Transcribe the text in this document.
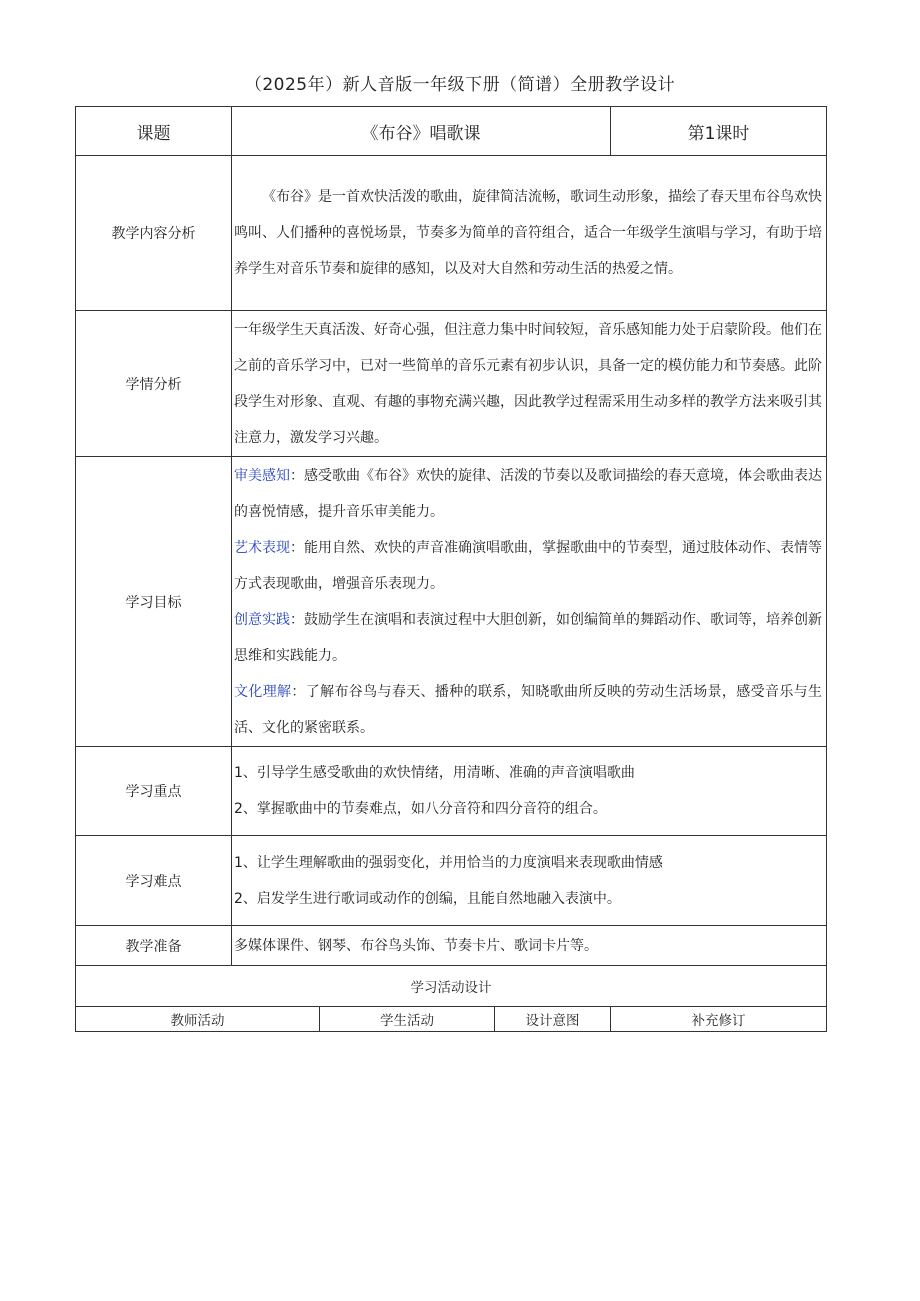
（2025年）新人音版一年级下册（简谱）全册教学设计
课题	《布谷》唱歌课			第1课时
教学内容分析	《布谷》是一首欢快活泼的歌曲，旋律简洁流畅，歌词生动形象，描绘了春天里布谷鸟欢快鸣叫、人们播种的喜悦场景，节奏多为简单的音符组合，适合一年级学生演唱与学习，有助于培养学生对音乐节奏和旋律的感知，以及对大自然和劳动生活的热爱之情。			
学情分析	一年级学生天真活泼、好奇心强，但注意力集中时间较短，音乐感知能力处于启蒙阶段。他们在之前的音乐学习中，已对一些简单的音乐元素有初步认识，具备一定的模仿能力和节奏感。此阶段学生对形象、直观、有趣的事物充满兴趣，因此教学过程需采用生动多样的教学方法来吸引其注意力，激发学习兴趣。			
学习目标	审美感知：感受歌曲《布谷》欢快的旋律、活泼的节奏以及歌词描绘的春天意境，体会歌曲表达的喜悦情感，提升音乐审美能力。
艺术表现：能用自然、欢快的声音准确演唱歌曲，掌握歌曲中的节奏型，通过肢体动作、表情等方式表现歌曲，增强音乐表现力。
创意实践：鼓励学生在演唱和表演过程中大胆创新，如创编简单的舞蹈动作、歌词等，培养创新思维和实践能力。
文化理解：了解布谷鸟与春天、播种的联系，知晓歌曲所反映的劳动生活场景，感受音乐与生活、文化的紧密联系。			

学习重点	1、引导学生感受歌曲的欢快情绪，用清晰、准确的声音演唱歌曲
2、掌握歌曲中的节奏难点，如八分音符和四分音符的组合。			

学习难点	1、让学生理解歌曲的强弱变化，并用恰当的力度演唱来表现歌曲情感
2、启发学生进行歌词或动作的创编，且能自然地融入表演中。			

教学准备	多媒体课件、钢琴、布谷鸟头饰、节奏卡片、歌词卡片等。			
学习活动设计				
教师活动		学生活动	设计意图	补充修订
